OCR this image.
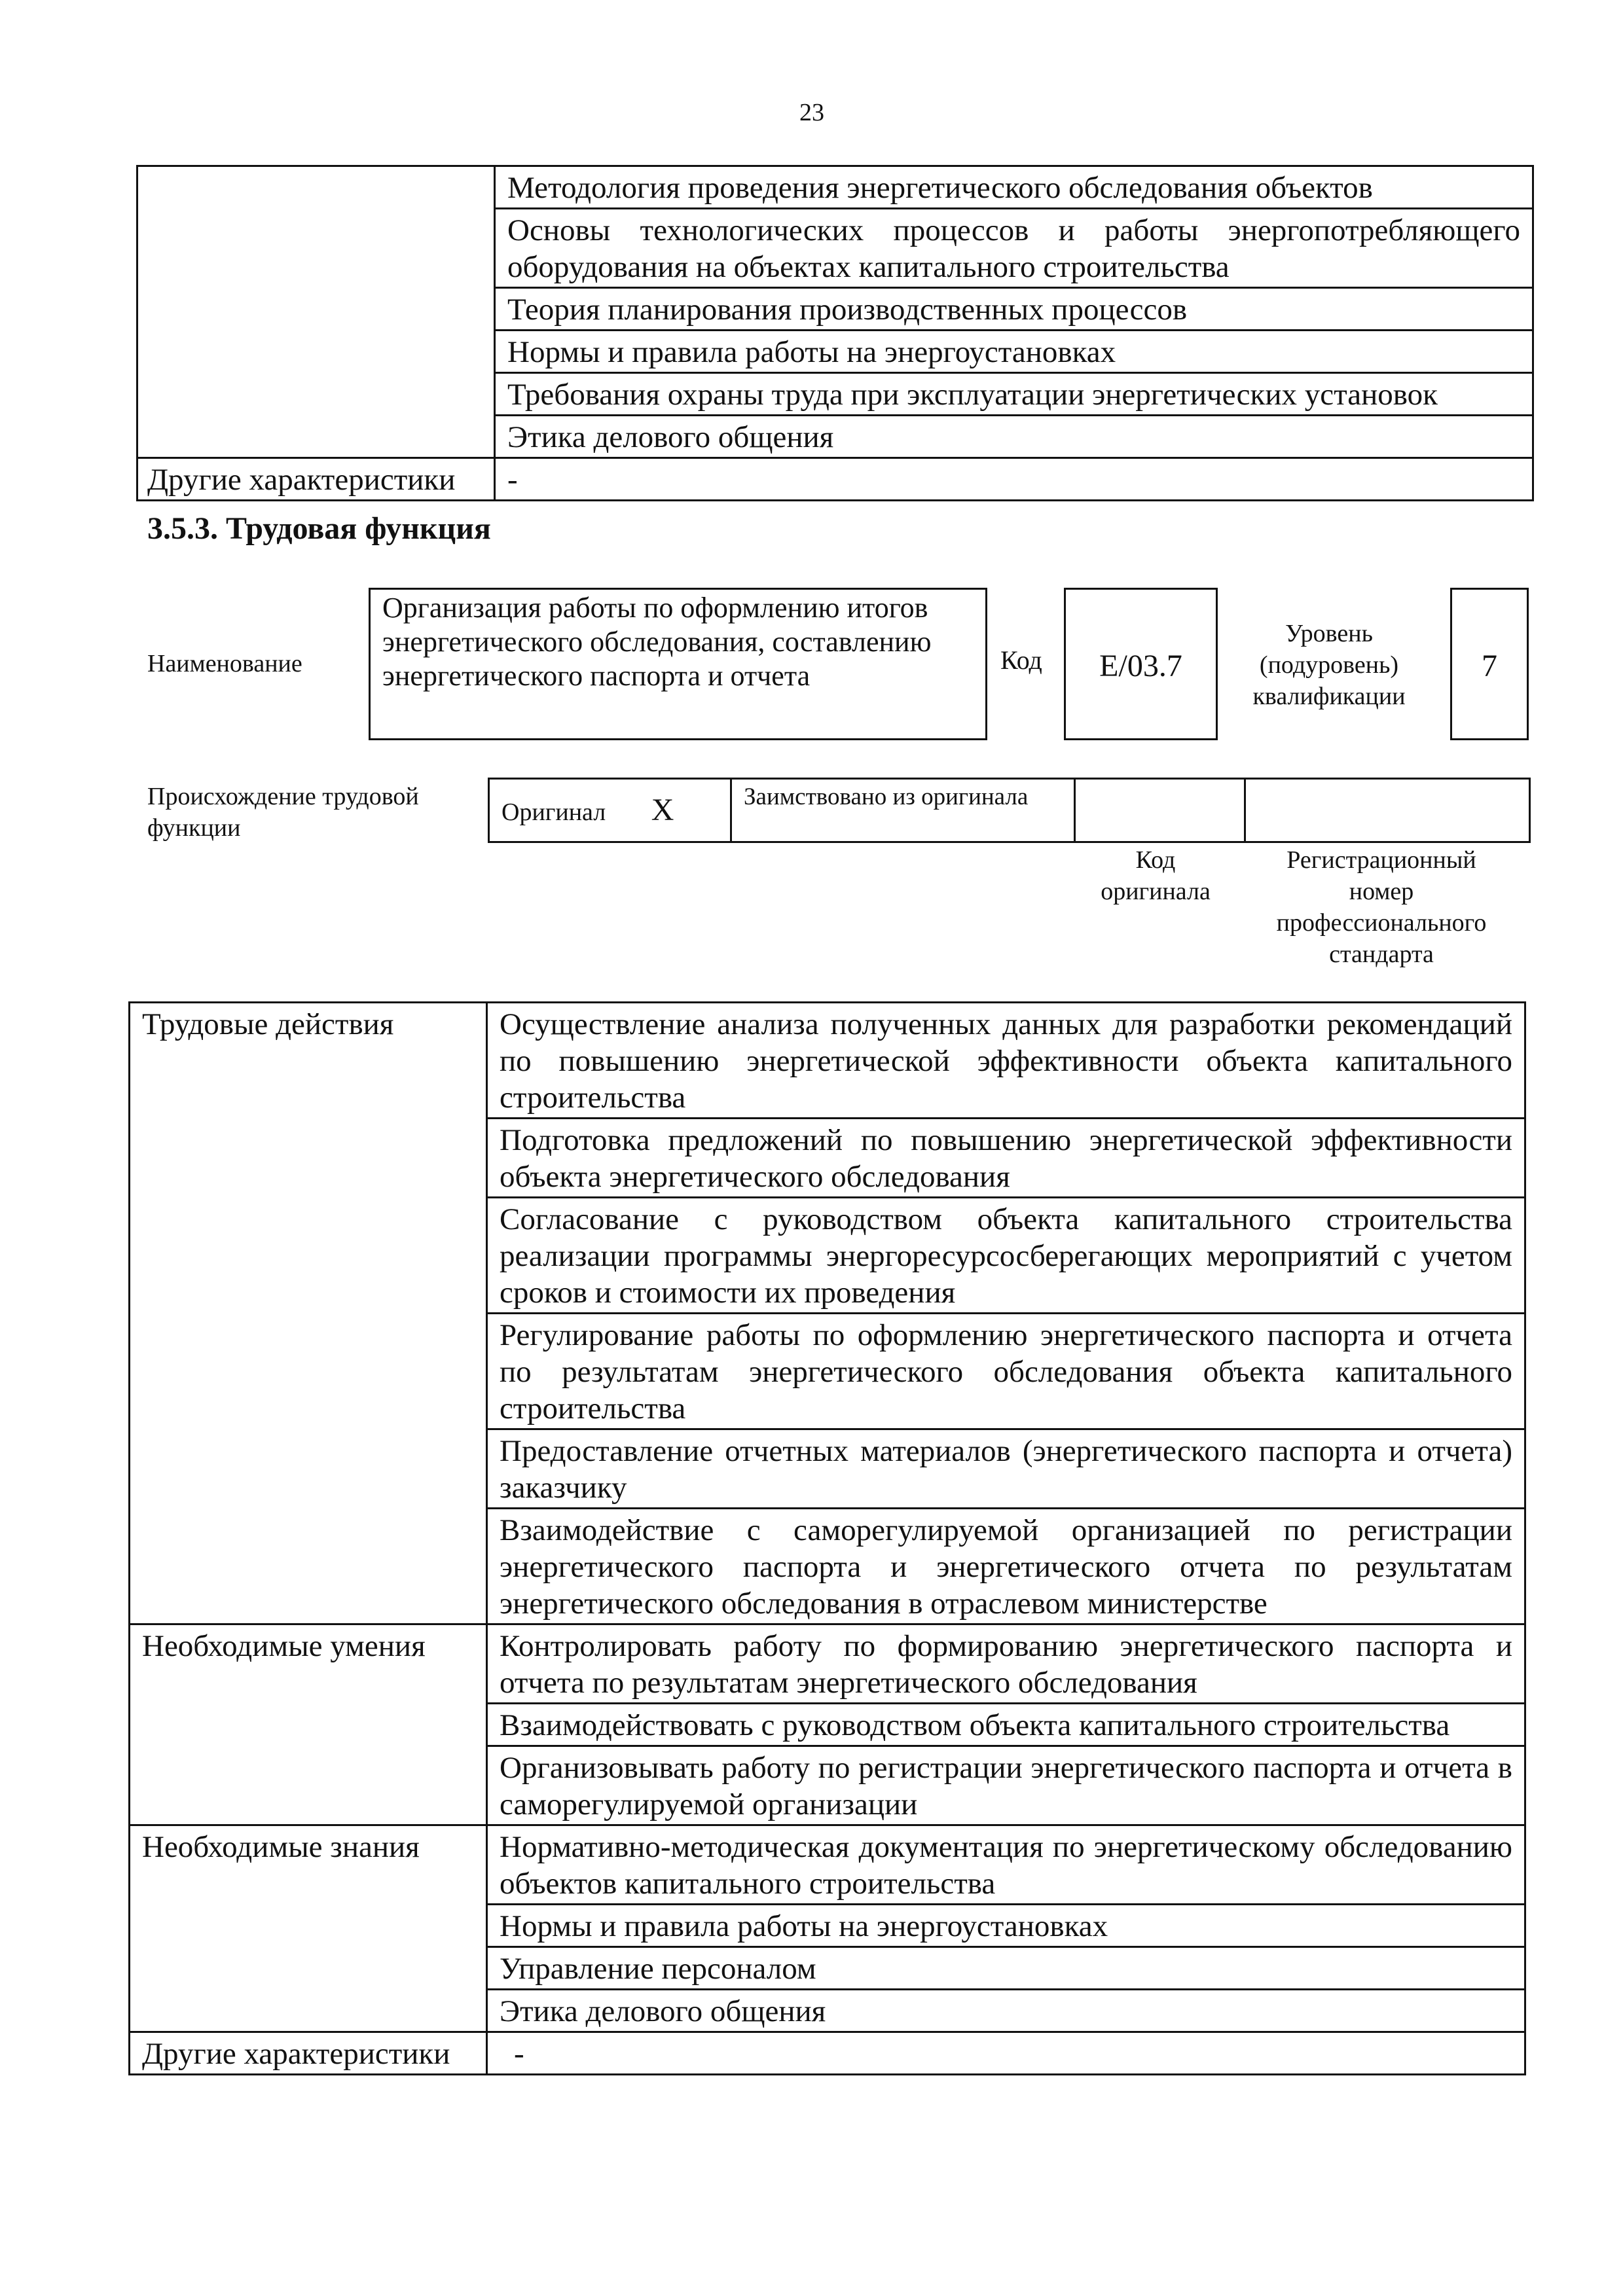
23
	Методология проведения энергетического обследования объектов
	Основы технологических процессов и работы энергопотребляющего оборудования на объектах капитального строительства
	Теория планирования производственных процессов
	Нормы и правила работы на энергоустановках
	Требования охраны труда при эксплуатации энергетических установок
	Этика делового общения
Другие характеристики	-
3.5.3. Трудовая функция
Наименование
Организация работы по оформлению итогов энергетического обследования, составлению энергетического паспорта и отчета	Код	E/03.7
Уровень (подуровень) квалификации
7
Происхождение трудовой функции
Оригинал X	Заимствовано из оригинала		
Код оригинала
Регистрационный номер профессионального стандарта
Трудовые действия	Осуществление анализа полученных данных для разработки рекомендаций по повышению энергетической эффективности объекта капитального строительства
	Подготовка предложений по повышению энергетической эффективности объекта энергетического обследования
	Согласование с руководством объекта капитального строительства реализации программы энергоресурсосберегающих мероприятий с учетом сроков и стоимости их проведения
	Регулирование работы по оформлению энергетического паспорта и отчета по результатам энергетического обследования объекта капитального строительства
	Предоставление отчетных материалов (энергетического паспорта и отчета) заказчику
	Взаимодействие с саморегулируемой организацией по регистрации энергетического паспорта и энергетического отчета по результатам энергетического обследования в отраслевом министерстве
Необходимые умения	Контролировать работу по формированию энергетического паспорта и отчета по результатам энергетического обследования
	Взаимодействовать с руководством объекта капитального строительства
	Организовывать работу по регистрации энергетического паспорта и отчета в саморегулируемой организации
Необходимые знания	Нормативно-методическая документация по энергетическому обследованию объектов капитального строительства
	Нормы и правила работы на энергоустановках
	Управление персоналом
	Этика делового общения
Другие характеристики	-
